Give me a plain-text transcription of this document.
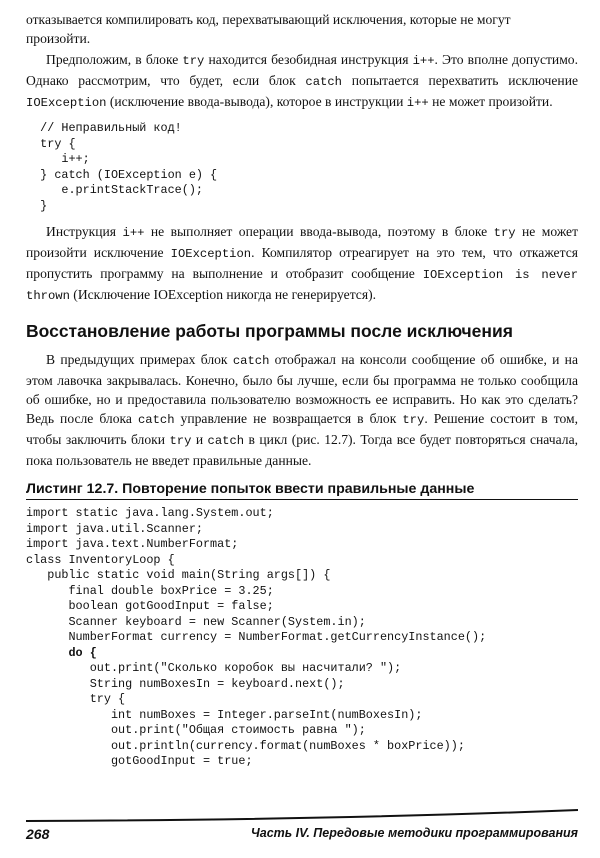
отказывается компилировать код, перехватывающий исключения, которые не могут
произойти.

Предположим, в блоке try находится безобидная инструкция i++. Это вполне допустимо. Однако рассмотрим, что будет, если блок catch попытается перехватить исключение IOException (исключение ввода-вывода), которое в инструкции i++ не может произойти.

// Неправильный код!
try {
i++;
} catch (IOException e) {
e.printStackTrace();
}

Инструкция i++ не выполняет операции ввода-вывода, поэтому в блоке try не может произойти исключение IOException. Компилятор отреагирует на это тем, что откажется пропустить программу на выполнение и отобразит сообщение IOException is never thrown (Исключение IOException никогда не генерируется).

Восстановление работы программы после исключения

В предыдущих примерах блок catch отображал на консоли сообщение об ошибке, и на этом лавочка закрывалась. Конечно, было бы лучше, если бы программа не только сообщила об ошибке, но и предоставила пользователю возможность ее исправить. Но как это сделать? Ведь после блока catch управление не возвращается в блок try. Решение состоит в том, чтобы заключить блоки try и catch в цикл (рис. 12.7). Тогда все будет повторяться сначала, пока пользователь не введет правильные данные.

Листинг 12.7. Повторение попыток ввести правильные данные
import static java.lang.System.out;
import java.util.Scanner;
import java.text.NumberFormat;
class InventoryLoop {
public static void main(String args[]) {
final double boxPrice = 3.25;
boolean gotGoodInput = false;
Scanner keyboard = new Scanner(System.in);
NumberFormat currency = NumberFormat.getCurrencyInstance();
do {
out.print("Сколько коробок вы насчитали? ");
String numBoxesIn = keyboard.next();
try {
int numBoxes = Integer.parseInt(numBoxesIn);
out.print("Общая стоимость равна ");
out.println(currency.format(numBoxes * boxPrice));
gotGoodInput = true;
268	Часть IV. Передовые методики программирования
